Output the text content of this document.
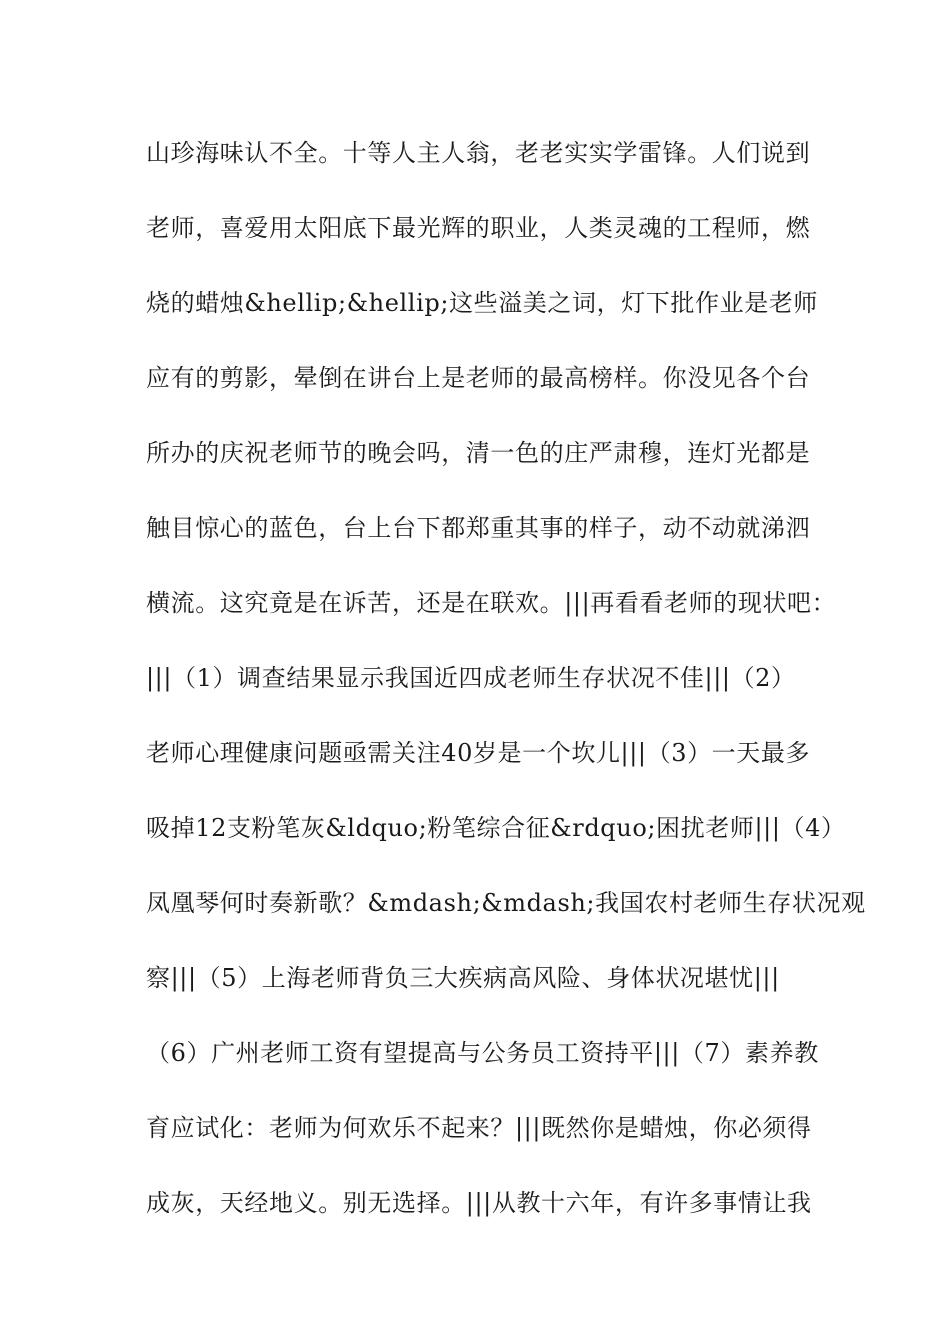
山珍海味认不全。十等人主人翁，老老实实学雷锋。人们说到
老师，喜爱用太阳底下最光辉的职业，人类灵魂的工程师，燃
烧的蜡烛&hellip;&hellip;这些溢美之词，灯下批作业是老师
应有的剪影，晕倒在讲台上是老师的最高榜样。你没见各个台
所办的庆祝老师节的晚会吗，清一色的庄严肃穆，连灯光都是
触目惊心的蓝色，台上台下都郑重其事的样子，动不动就涕泗
横流。这究竟是在诉苦，还是在联欢。|||再看看老师的现状吧：
|||（1）调查结果显示我国近四成老师生存状况不佳|||（2）
老师心理健康问题亟需关注40岁是一个坎儿|||（3）一天最多
吸掉12支粉笔灰&ldquo;粉笔综合征&rdquo;困扰老师|||（4）
凤凰琴何时奏新歌？&mdash;&mdash;我国农村老师生存状况观
察|||（5）上海老师背负三大疾病高风险、身体状况堪忧|||
（6）广州老师工资有望提高与公务员工资持平|||（7）素养教
育应试化：老师为何欢乐不起来？|||既然你是蜡烛，你必须得
成灰，天经地义。别无选择。|||从教十六年，有许多事情让我
